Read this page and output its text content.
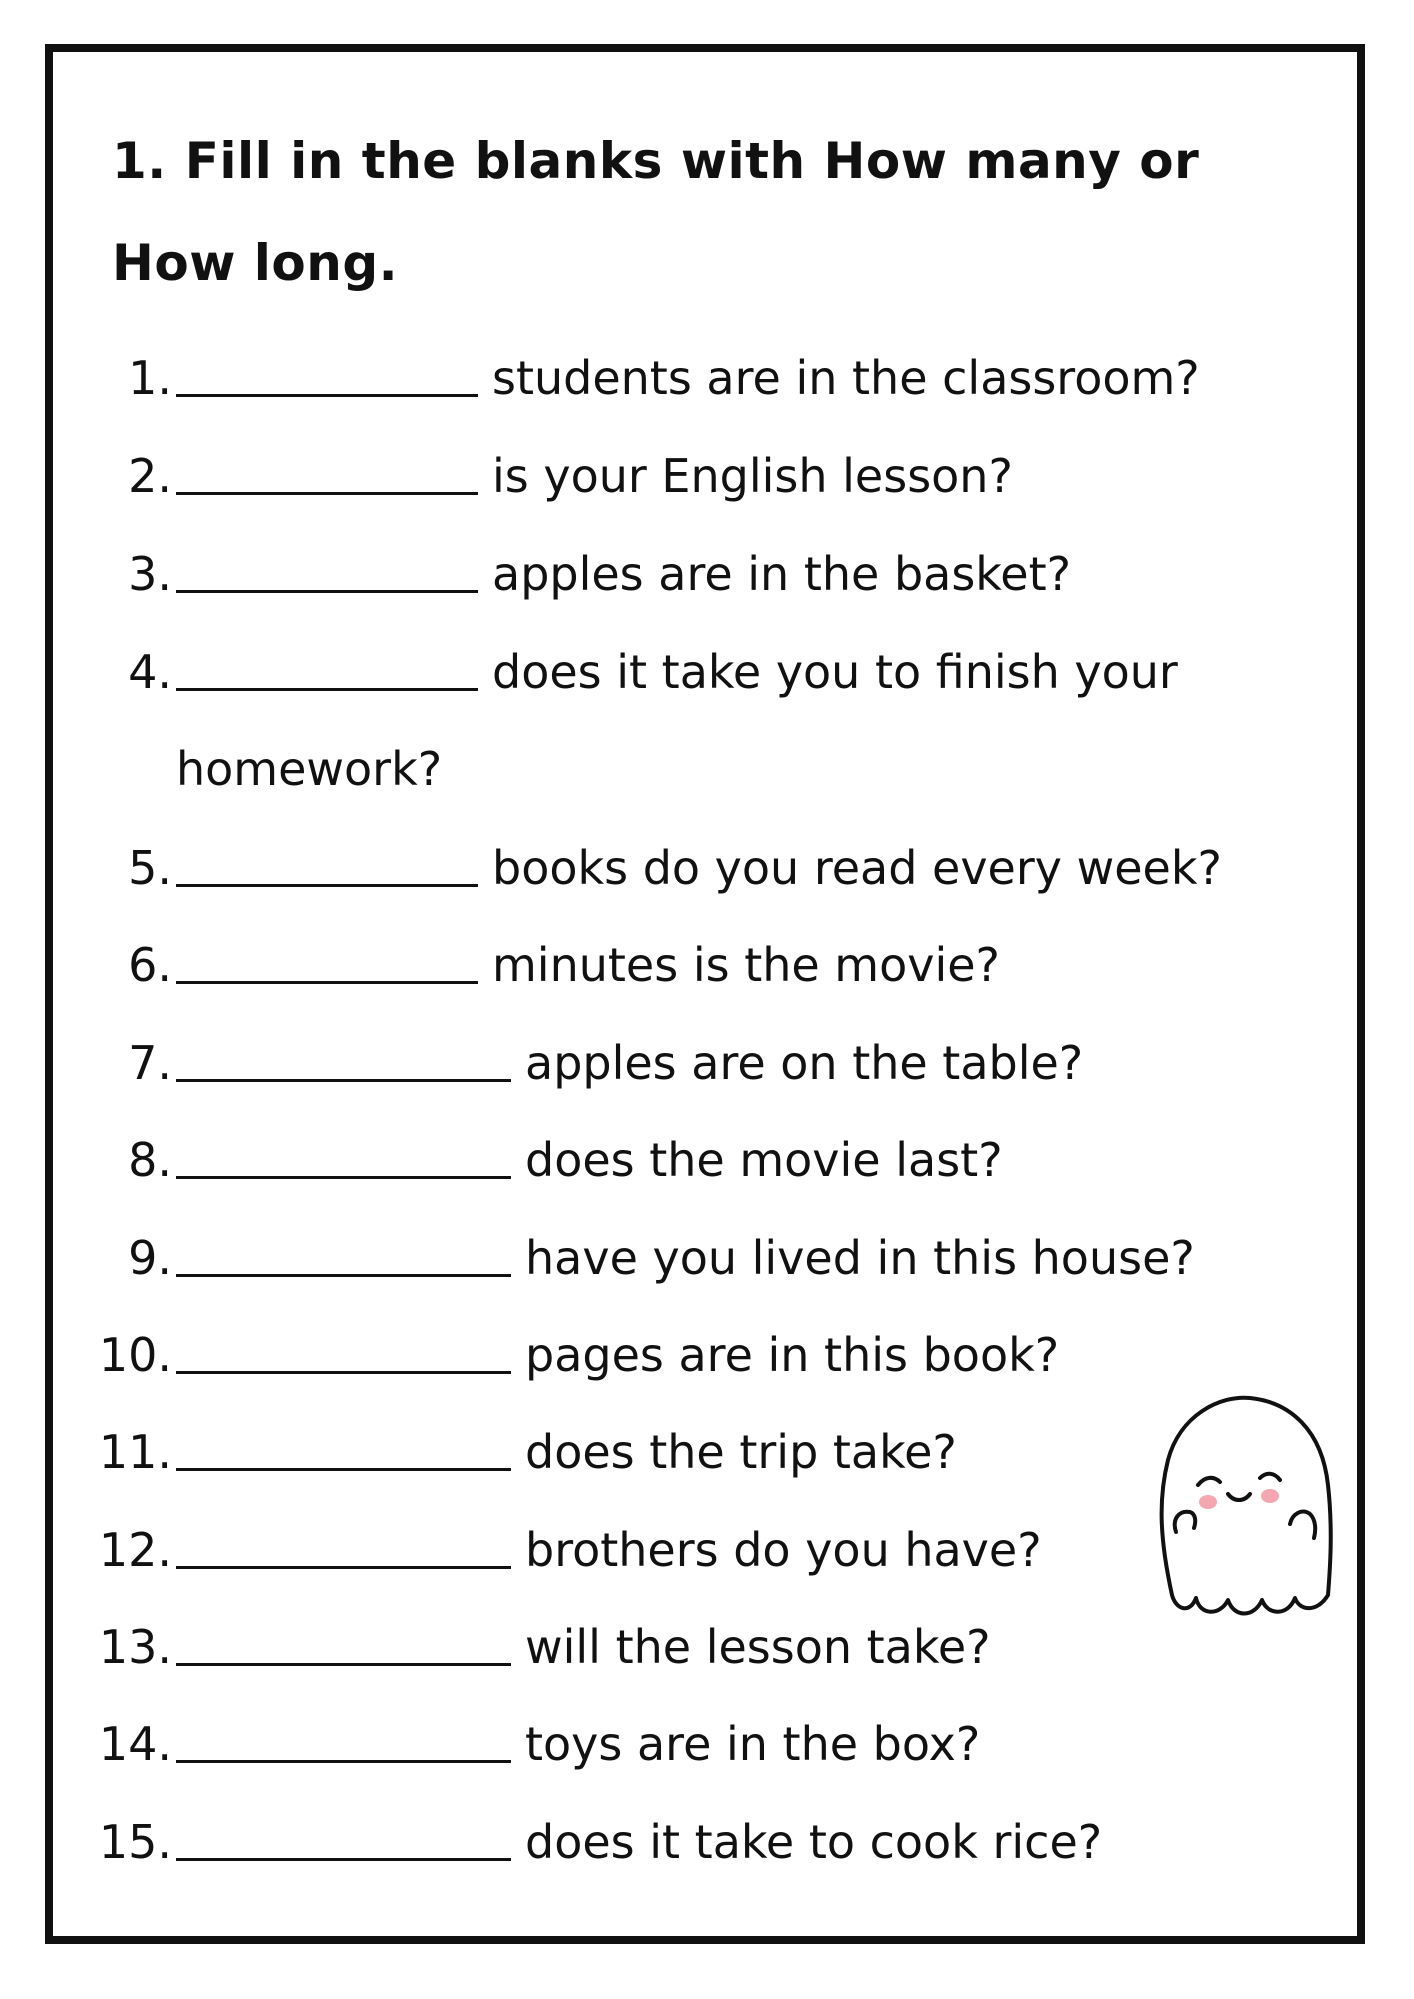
1. Fill in the blanks with How many or How long.
1.	students are in the classroom?
2.	is your English lesson?
3.	apples are in the basket?
4.	does it take you to finish your
homework?
5.	books do you read every week?
6.	minutes is the movie?
7.	apples are on the table?
8.	does the movie last?
9.	have you lived in this house?
10.	pages are in this book?
11.	does the trip take?
12.	brothers do you have?
13.	will the lesson take?
14.	toys are in the box?
15.	does it take to cook rice?
